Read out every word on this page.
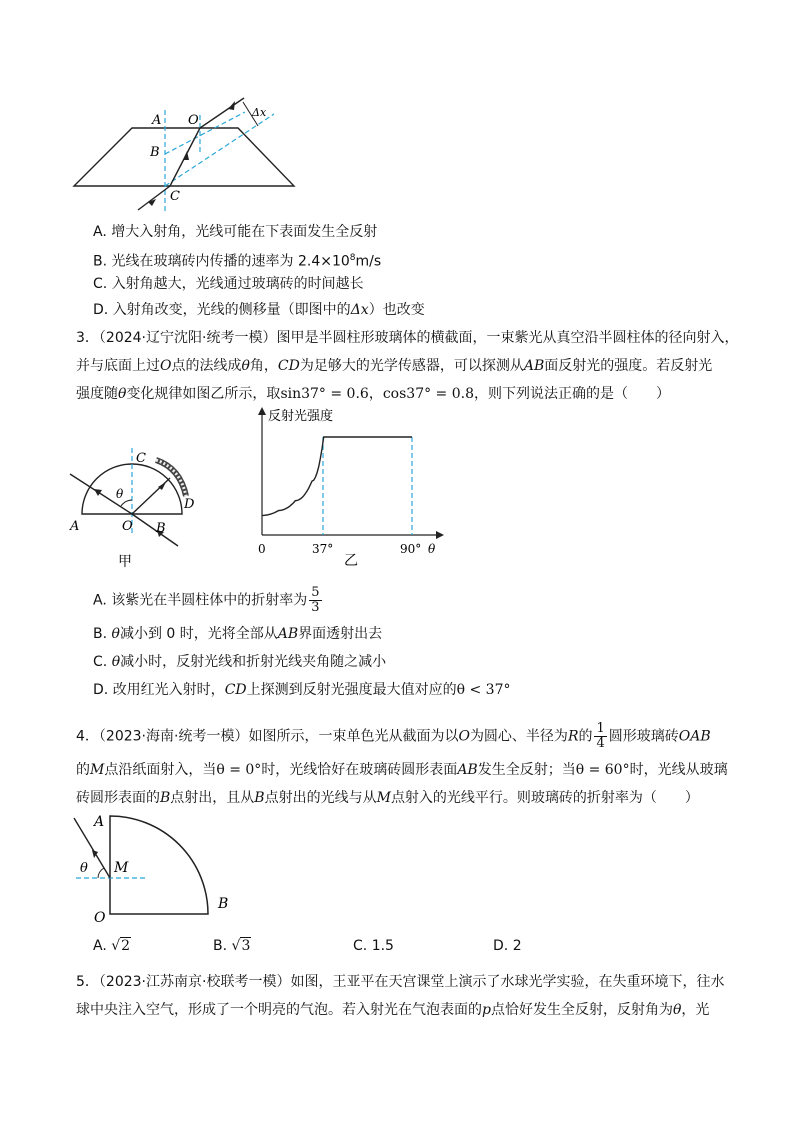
A O
B
C
Δx
A. 增大入射角，光线可能在下表面发生全反射
B. 光线在玻璃砖内传播的速率为 $2.4\times 10^8m/s$
C. 入射角越大，光线通过玻璃砖的时间越长
D. 入射角改变，光线的侧移量（即图中的Δx）也改变
3．（2024·辽宁沈阳·统考一模）图甲是半圆柱形玻璃体的横截面，一束紫光从真空沿半圆柱体的径向射入，
并与底面上过O点的法线成θ角，CD为足够大的光学传感器，可以探测从AB面反射光的强度。若反射光
强度随θ变化规律如图乙所示，取sin37° = 0.6，cos37° = 0.8，则下列说法正确的是（　　）
θ
A	O B
C
D
甲
反射光强度
0	37°	90° θ
乙
A. 该紫光在半圆柱体中的折射率为 $\frac{5}{3}$
B. θ减小到 0 时，光将全部从AB界面透射出去
C. θ减小时，反射光线和折射光线夹角随之减小
D. 改用红光入射时，CD上探测到反射光强度最大值对应的θ < 37°
4．（2023·海南·统考一模）如图所示，一束单色光从截面为以O为圆心、半径为R的 $\frac{1}{4}$ 圆形玻璃砖OAB
的M点沿纸面射入，当θ = 0°时，光线恰好在玻璃砖圆形表面AB发生全反射；当θ = 60°时，光线从玻璃
砖圆形表面的B点射出，且从B点射出的光线与从M点射入的光线平行。则玻璃砖的折射率为（　　）
A
θ M
O
B
A. √2	B. √3	C. 1.5	D. 2
5．（2023·江苏南京·校联考一模）如图，王亚平在天宫课堂上演示了水球光学实验，在失重环境下，往水
球中央注入空气，形成了一个明亮的气泡。若入射光在气泡表面的p点恰好发生全反射，反射角为θ，光
